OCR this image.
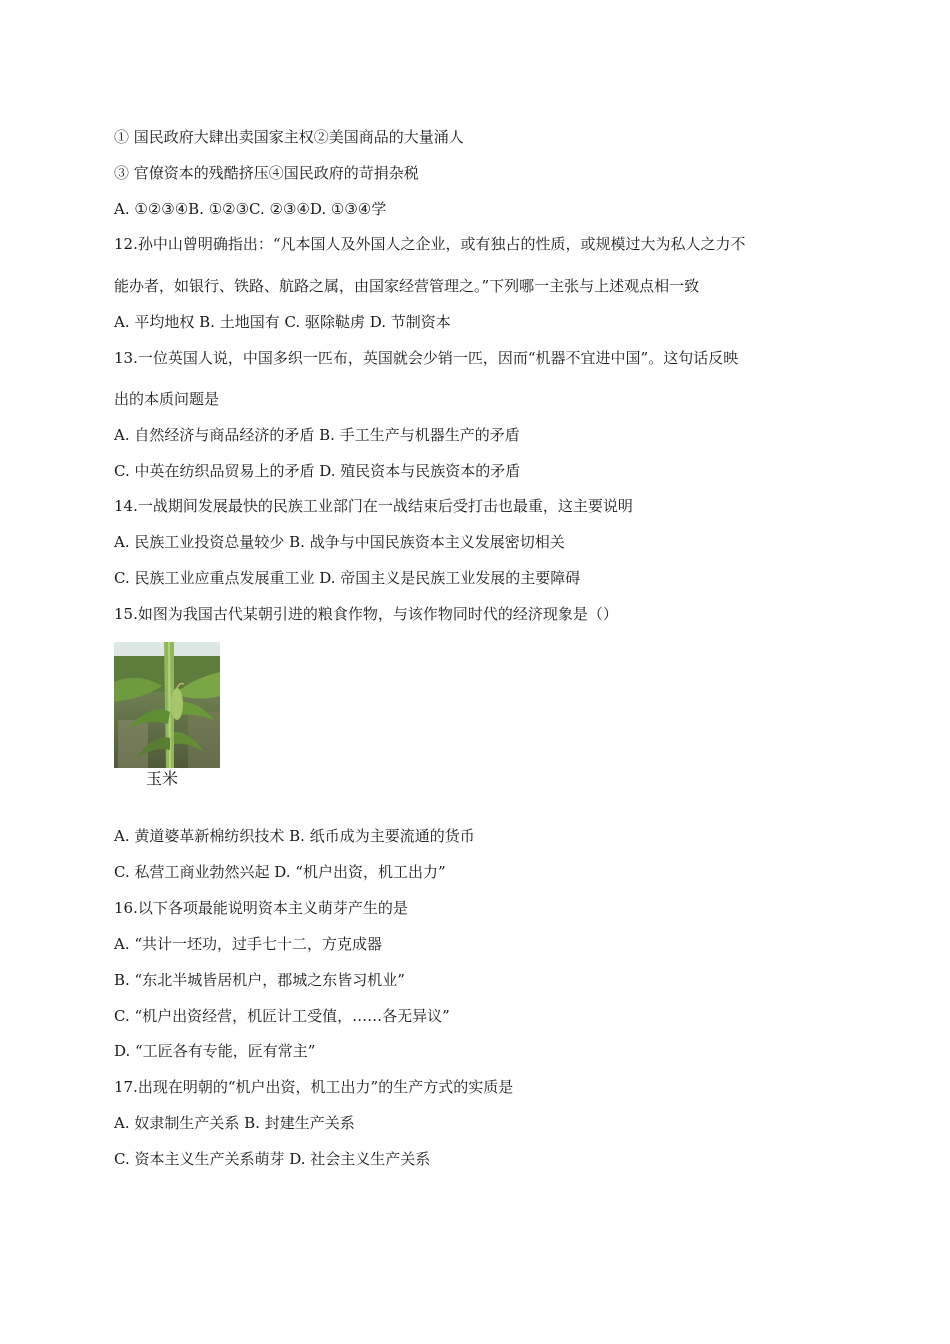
① 国民政府大肆出卖国家主权②美国商品的大量涌人
③ 官僚资本的残酷挤压④国民政府的苛捐杂税
A. ①②③④B. ①②③C. ②③④D. ①③④学
12.孙中山曾明确指出：“凡本国人及外国人之企业，或有独占的性质，或规模过大为私人之力不
能办者，如银行、铁路、航路之属，由国家经营管理之。”下列哪一主张与上述观点相一致
A. 平均地权 B. 土地国有 C. 驱除鞑虏 D. 节制资本
13.一位英国人说，中国多织一匹布，英国就会少销一匹，因而“机器不宜进中国”。这句话反映
出的本质问题是
A. 自然经济与商品经济的矛盾 B. 手工生产与机器生产的矛盾
C. 中英在纺织品贸易上的矛盾 D. 殖民资本与民族资本的矛盾
14.一战期间发展最快的民族工业部门在一战结束后受打击也最重，这主要说明
A. 民族工业投资总量较少 B. 战争与中国民族资本主义发展密切相关
C. 民族工业应重点发展重工业 D. 帝国主义是民族工业发展的主要障碍
15.如图为我国古代某朝引进的粮食作物，与该作物同时代的经济现象是（）
玉米
A. 黄道婆革新棉纺织技术 B. 纸币成为主要流通的货币
C. 私营工商业勃然兴起 D. “机户出资，机工出力”
16.以下各项最能说明资本主义萌芽产生的是
A. “共计一坯功，过手七十二，方克成器
B. “东北半城皆居机户，郡城之东皆习机业”
C. “机户出资经营，机匠计工受值，……各无异议”
D. “工匠各有专能，匠有常主”
17.出现在明朝的“机户出资，机工出力”的生产方式的实质是
A. 奴隶制生产关系 B. 封建生产关系
C. 资本主义生产关系萌芽 D. 社会主义生产关系
